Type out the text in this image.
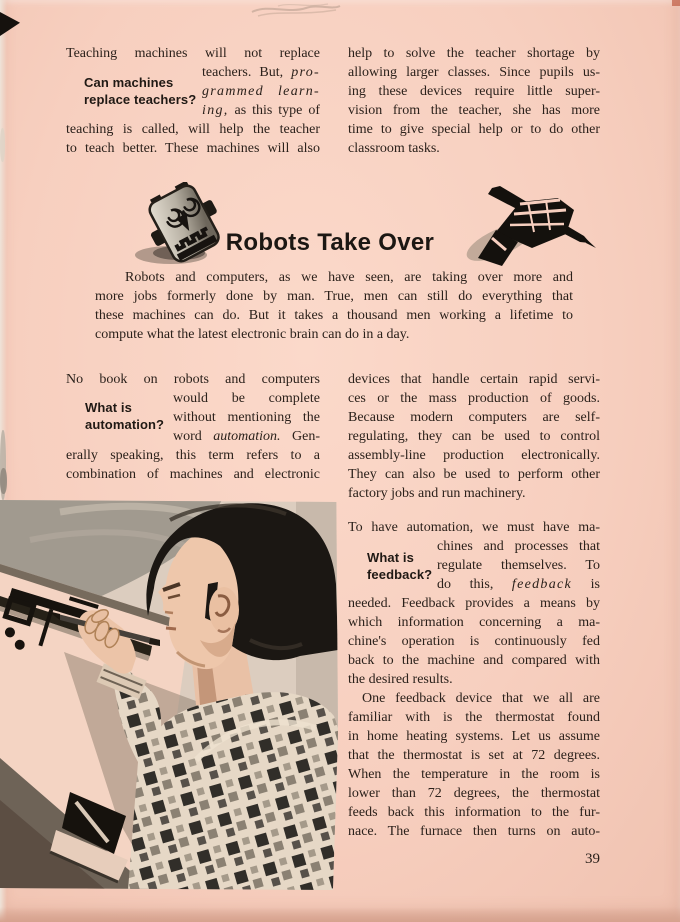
Teaching machines will not replace
teachers. But, pro-
grammed learn-
ing, as this type of
teaching is called, will help the teacher
to teach better. These machines will also
Can machines
replace teachers?
help to solve the teacher shortage by
allowing larger classes. Since pupils us-
ing these devices require little super-
vision from the teacher, she has more
time to give special help or to do other
classroom tasks.
Robots Take Over
Robots and computers, as we have seen, are taking over more and
more jobs formerly done by man. True, men can still do everything that
these machines can do. But it takes a thousand men working a lifetime to
compute what the latest electronic brain can do in a day.
No book on robots and computers
would be complete
without mentioning the
word automation. Gen-
erally speaking, this term refers to a
combination of machines and electronic
What is
automation?
devices that handle certain rapid servi-
ces or the mass production of goods.
Because modern computers are self-
regulating, they can be used to control
assembly-line production electronically.
They can also be used to perform other
factory jobs and run machinery.
To have automation, we must have ma-
chines and processes that
regulate themselves. To
do this, feedback is
needed. Feedback provides a means by
which information concerning a ma-
chine's operation is continuously fed
back to the machine and compared with
the desired results.
What is
feedback?
One feedback device that we all are
familiar with is the thermostat found
in home heating systems. Let us assume
that the thermostat is set at 72 degrees.
When the temperature in the room is
lower than 72 degrees, the thermostat
feeds back this information to the fur-
nace. The furnace then turns on auto-
39
